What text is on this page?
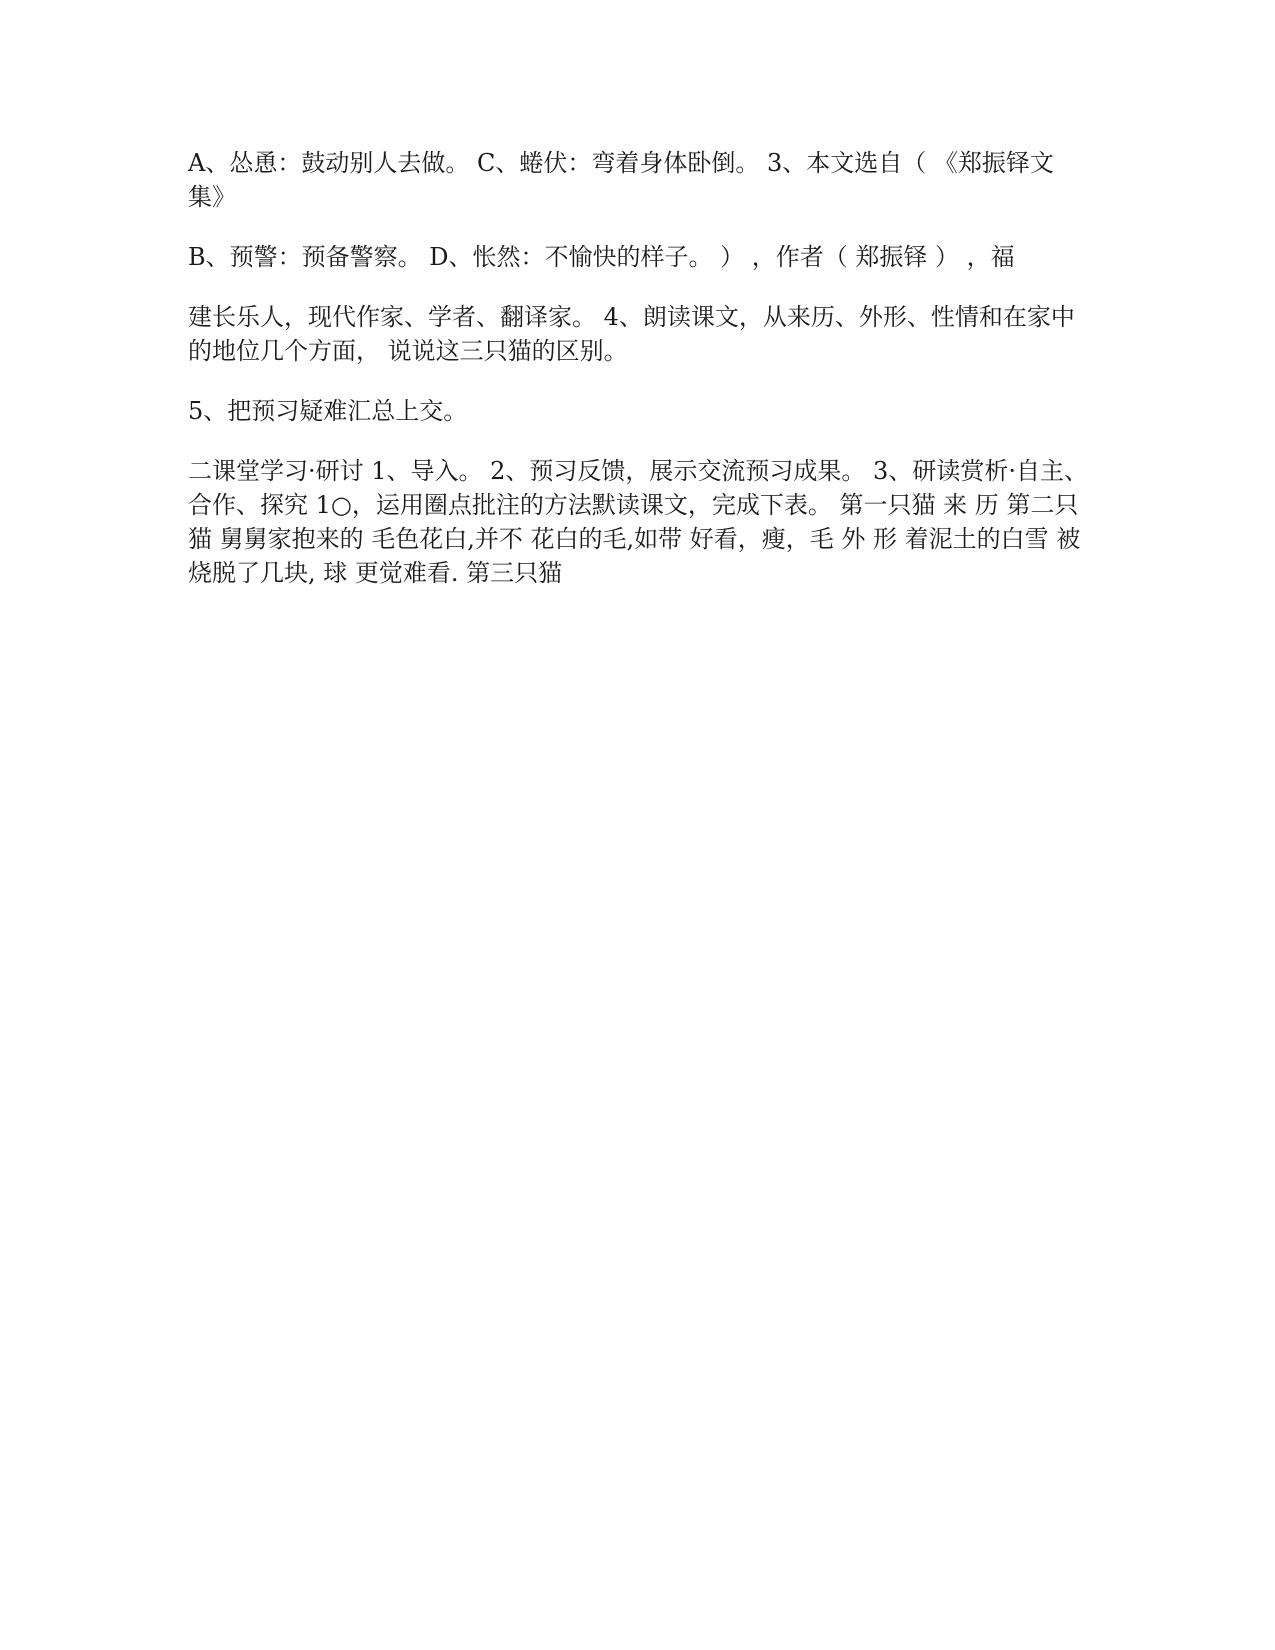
A、怂恿：鼓动别人去做。 C、蜷伏：弯着身体卧倒。 3、本文选自（ 《郑振铎文集》

B、预警：预备警察。 D、怅然：不愉快的样子。 ） ，作者（ 郑振铎 ） ，福

建长乐人，现代作家、学者、翻译家。 4、朗读课文，从来历、外形、性情和在家中的地位几个方面， 说说这三只猫的区别。

5、把预习疑难汇总上交。

二课堂学习·研讨 1、导入。 2、预习反馈，展示交流预习成果。 3、研读赏析·自主、合作、探究 1○，运用圈点批注的方法默读课文，完成下表。 第一只猫 来 历 第二只猫 舅舅家抱来的 毛色花白,并不 花白的毛,如带 好看，瘦，毛 外 形 着泥土的白雪 被烧脱了几块, 球 更觉难看. 第三只猫
